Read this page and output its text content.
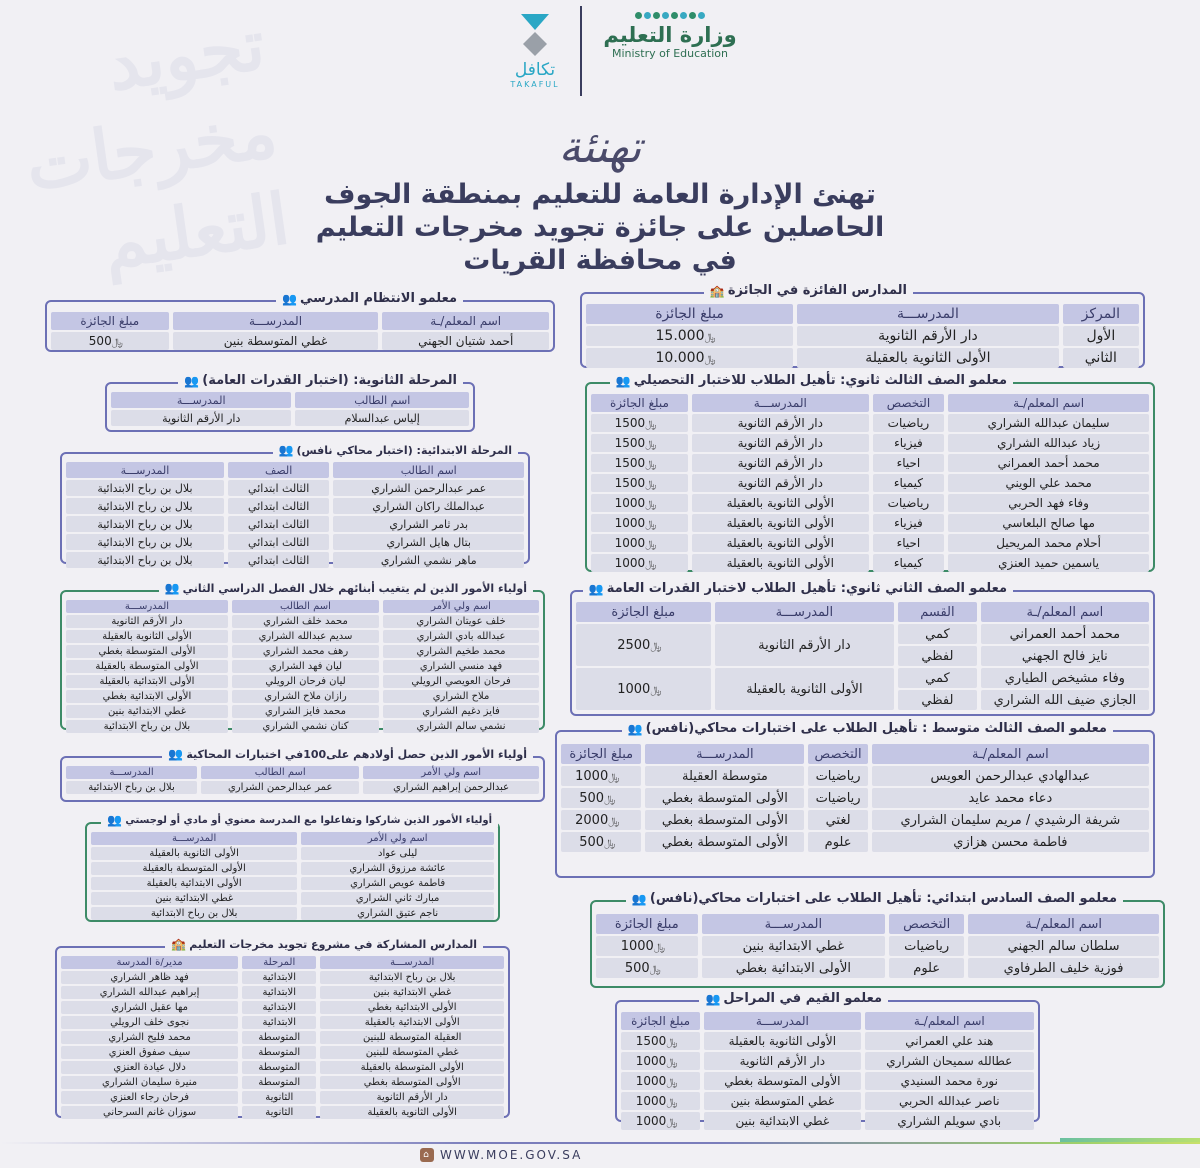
تجويد
مخرجات
التعليم
تكافل
TAKAFUL
وزارة التعليم
Ministry of Education
تهنئة
تهنئ الإدارة العامة للتعليم بمنطقة الجوف
الحاصلين على جائزة تجويد مخرجات التعليم
في محافظة القريات
المدارس الفائزة في الجائزة
🏫
المركز	المدرســـة	مبلغ الجائزة
الأول	دار الأرقم الثانوية	15.000﷼
الثاني	الأولى الثانوية بالعقيلة	10.000﷼
معلمو الصف الثالث ثانوي: تأهيل الطلاب للاختبار التحصيلي
👥
اسم المعلم/ـة	التخصص	المدرســـة	مبلغ الجائزة
سليمان عبدالله الشراري	رياضيات	دار الأرقم الثانوية	1500﷼
زياد عبدالله الشراري	فيزياء	دار الأرقم الثانوية	1500﷼
محمد أحمد العمراني	احياء	دار الأرقم الثانوية	1500﷼
محمد علي الويني	كيمياء	دار الأرقم الثانوية	1500﷼
وفاء فهد الحربي	رياضيات	الأولى الثانوية بالعقيلة	1000﷼
مها صالح البلعاسي	فيزياء	الأولى الثانوية بالعقيلة	1000﷼
أحلام محمد المريحيل	احياء	الأولى الثانوية بالعقيلة	1000﷼
ياسمين حميد العنزي	كيمياء	الأولى الثانوية بالعقيلة	1000﷼
معلمو الصف الثاني ثانوي: تأهيل الطلاب لاختبار القدرات العامة
👥
اسم المعلم/ـة	القسم	المدرســـة	مبلغ الجائزة
محمد أحمد العمراني	كمي	دار الأرقم الثانوية	2500﷼
نايز فالح الجهني	لفظي		
وفاء مشيخص الطياري	كمي	الأولى الثانوية بالعقيلة	1000﷼
الجازي ضيف الله الشراري	لفظي		
معلمو الصف الثالث متوسط : تأهيل الطلاب على اختبارات محاكي(نافس)
👥
اسم المعلم/ـة	التخصص	المدرســـة	مبلغ الجائزة
عبدالهادي عبدالرحمن العويس	رياضيات	متوسطة العقيلة	1000﷼
دعاء محمد عايد	رياضيات	الأولى المتوسطة بغطي	500﷼
شريفة الرشيدي / مريم سليمان الشراري	لغتي	الأولى المتوسطة بغطي	2000﷼
فاطمة محسن هزازي	علوم	الأولى المتوسطة بغطي	500﷼
معلمو الصف السادس ابتدائي: تأهيل الطلاب على اختبارات محاكي(نافس)
👥
اسم المعلم/ـة	التخصص	المدرســـة	مبلغ الجائزة
سلطان سالم الجهني	رياضيات	غطي الابتدائية بنين	1000﷼
فوزية خليف الطرفاوي	علوم	الأولى الابتدائية بغطي	500﷼
معلمو القيم في المراحل
👥
اسم المعلم/ـة	المدرســـة	مبلغ الجائزة
هند علي العمراني	الأولى الثانوية بالعقيلة	1500﷼
عطالله سميحان الشراري	دار الأرقم الثانوية	1000﷼
نورة محمد السنيدي	الأولى المتوسطة بغطي	1000﷼
ناصر عبدالله الحربي	غطي المتوسطة بنين	1000﷼
بادي سويلم الشراري	غطي الابتدائية بنين	1000﷼
معلمو الانتظام المدرسي
👥
اسم المعلم/ـة	المدرســـة	مبلغ الجائزة
أحمد شتيان الجهني	غطي المتوسطة بنين	500﷼
المرحلة الثانوية: (اختبار القدرات العامة)
👥
اسم الطالب	المدرســـة
إلياس عبدالسلام	دار الأرقم الثانوية
المرحلة الابتدائية: (اختبار محاكي نافس)
👥
اسم الطالب	الصف	المدرســـة
عمر عبدالرحمن الشراري	الثالث ابتدائي	بلال بن رباح الابتدائية
عبدالملك راكان الشراري	الثالث ابتدائي	بلال بن رباح الابتدائية
بدر ثامر الشراري	الثالث ابتدائي	بلال بن رباح الابتدائية
بتال هايل الشراري	الثالث ابتدائي	بلال بن رباح الابتدائية
ماهر نشمي الشراري	الثالث ابتدائي	بلال بن رباح الابتدائية
أولياء الأمور الذين لم يتغيب أبنائهم خلال الفصل الدراسي الثاني
👥
اسم ولي الأمر	اسم الطالب	المدرســـة
خلف عويتان الشراري	محمد خلف الشراري	دار الأرقم الثانوية
عبدالله بادي الشراري	سديم عبدالله الشراري	الأولى الثانوية بالعقيلة
محمد طخيم الشراري	رهف محمد الشراري	الأولى المتوسطة بغطي
فهد منسي الشراري	ليان فهد الشراري	الأولى المتوسطة بالعقيلة
فرحان العويصي الرويلي	ليان فرحان الرويلي	الأولى الابتدائية بالعقيلة
ملاح الشراري	رازان ملاح الشراري	الأولى الابتدائية بغطي
فايز دغيم الشراري	محمد فايز الشراري	غطي الابتدائية بنين
نشمي سالم الشراري	كنان نشمي الشراري	بلال بن رباح الابتدائية
أولياء الأمور الذين حصل أولادهم على100في اختبارات المحاكية
👥
اسم ولي الأمر	اسم الطالب	المدرســـة
عبدالرحمن إبراهيم الشراري	عمر عبدالرحمن الشراري	بلال بن رباح الابتدائية
أولياء الأمور الذين شاركوا وتفاعلوا مع المدرسة معنوي أو مادي أو لوجستي
👥
اسم ولي الأمر	المدرســـة
ليلى عواد	الأولى الثانوية بالعقيلة
عائشة مرزوق الشراري	الأولى المتوسطة بالعقيلة
فاطمة عويص الشراري	الأولى الابتدائية بالعقيلة
مبارك ثاني الشراري	غطي الابتدائية بنين
ناجم عتيق الشراري	بلال بن رباح الابتدائية
المدارس المشاركة في مشروع تجويد مخرجات التعليم
🏫
المدرســـة	المرحلة	مدير/ة المدرسة
بلال بن رباح الابتدائية	الابتدائية	فهد ظاهر الشراري
غطي الابتدائية بنين	الابتدائية	إبراهيم عبدالله الشراري
الأولى الابتدائية بغطي	الابتدائية	مها عقيل الشراري
الأولى الابتدائية بالعقيلة	الابتدائية	نجوى خلف الرويلي
العقيلة المتوسطة للبنين	المتوسطة	محمد فليح الشراري
غطي المتوسطة للبنين	المتوسطة	سيف صفوق العنزي
الأولى المتوسطة بالعقيلة	المتوسطة	دلال عيادة العنزي
الأولى المتوسطة بغطي	المتوسطة	منيرة سليمان الشراري
دار الأرقم الثانوية	الثانوية	فرحان رجاء العنزي
الأولى الثانوية بالعقيلة	الثانوية	سوزان غانم السرحاني
⌂ WWW.MOE.GOV.SA
